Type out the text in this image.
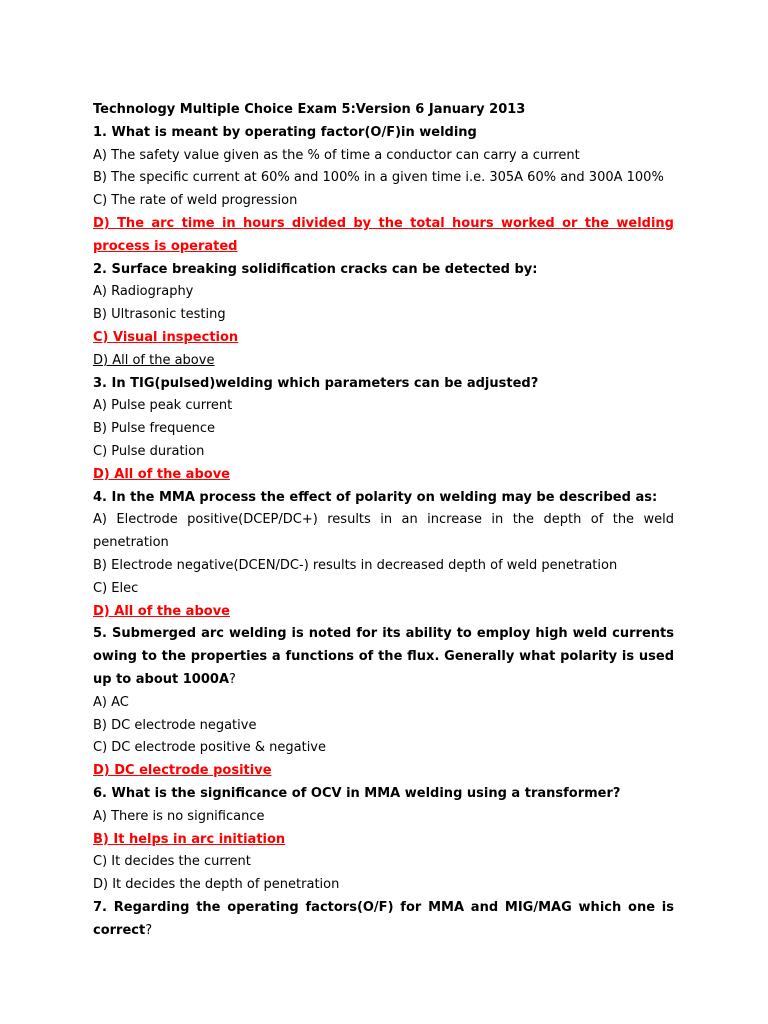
Technology Multiple Choice Exam 5:Version 6 January 2013
1. What is meant by operating factor(O/F)in welding
A) The safety value given as the % of time a conductor can carry a current
B) The specific current at 60% and 100% in a given time i.e. 305A 60% and 300A 100%
C) The rate of weld progression
D) The arc time in hours divided by the total hours worked or the welding process is operated
2. Surface breaking solidification cracks can be detected by:
A) Radiography
B) Ultrasonic testing
C) Visual inspection
D) All of the above
3. In TIG(pulsed)welding which parameters can be adjusted?
A) Pulse peak current
B) Pulse frequence
C) Pulse duration
D) All of the above
4. In the MMA process the effect of polarity on welding may be described as:
A) Electrode positive(DCEP/DC+) results in an increase in the depth of the weld penetration
B) Electrode negative(DCEN/DC-) results in decreased depth of weld penetration
C) Elec
D) All of the above
5. Submerged arc welding is noted for its ability to employ high weld currents owing to the properties a functions of the flux. Generally what polarity is used up to about 1000A?
A) AC
B) DC electrode negative
C) DC electrode positive & negative
D) DC electrode positive
6. What is the significance of OCV in MMA welding using a transformer?
A) There is no significance
B) It helps in arc initiation
C) It decides the current
D) It decides the depth of penetration
7. Regarding the operating factors(O/F) for MMA and MIG/MAG which one is correct?
